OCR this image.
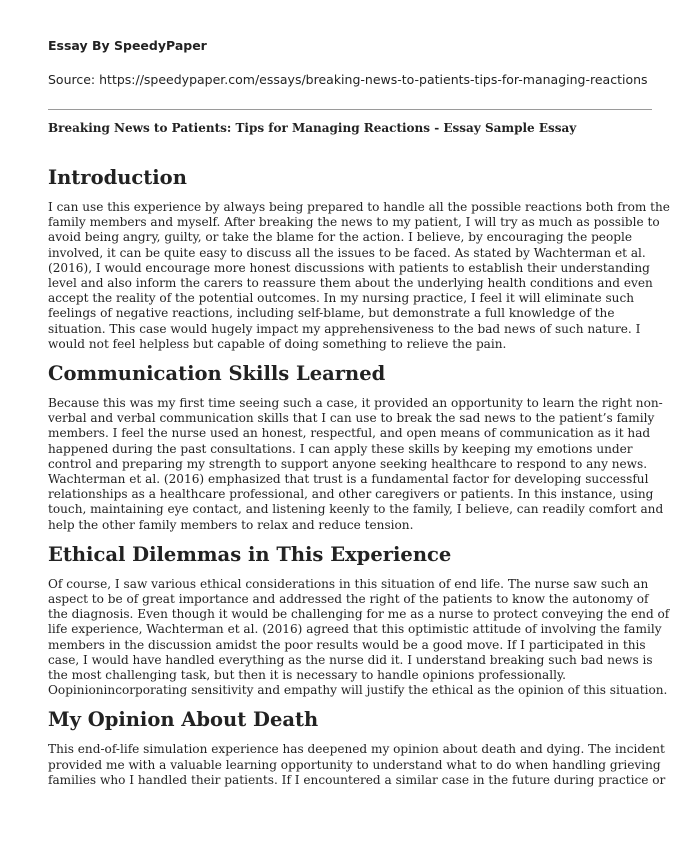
Essay By SpeedyPaper
Source: https://speedypaper.com/essays/breaking-news-to-patients-tips-for-managing-reactions
Breaking News to Patients: Tips for Managing Reactions - Essay Sample Essay
Introduction

I can use this experience by always being prepared to handle all the possible reactions both from the
family members and myself. After breaking the news to my patient, I will try as much as possible to
avoid being angry, guilty, or take the blame for the action. I believe, by encouraging the people
involved, it can be quite easy to discuss all the issues to be faced. As stated by Wachterman et al.
(2016), I would encourage more honest discussions with patients to establish their understanding
level and also inform the carers to reassure them about the underlying health conditions and even
accept the reality of the potential outcomes. In my nursing practice, I feel it will eliminate such
feelings of negative reactions, including self-blame, but demonstrate a full knowledge of the
situation. This case would hugely impact my apprehensiveness to the bad news of such nature. I
would not feel helpless but capable of doing something to relieve the pain.

Communication Skills Learned

Because this was my first time seeing such a case, it provided an opportunity to learn the right non-
verbal and verbal communication skills that I can use to break the sad news to the patient’s family
members. I feel the nurse used an honest, respectful, and open means of communication as it had
happened during the past consultations. I can apply these skills by keeping my emotions under
control and preparing my strength to support anyone seeking healthcare to respond to any news.
Wachterman et al. (2016) emphasized that trust is a fundamental factor for developing successful
relationships as a healthcare professional, and other caregivers or patients. In this instance, using
touch, maintaining eye contact, and listening keenly to the family, I believe, can readily comfort and
help the other family members to relax and reduce tension.

Ethical Dilemmas in This Experience

Of course, I saw various ethical considerations in this situation of end life. The nurse saw such an
aspect to be of great importance and addressed the right of the patients to know the autonomy of
the diagnosis. Even though it would be challenging for me as a nurse to protect conveying the end of
life experience, Wachterman et al. (2016) agreed that this optimistic attitude of involving the family
members in the discussion amidst the poor results would be a good move. If I participated in this
case, I would have handled everything as the nurse did it. I understand breaking such bad news is
the most challenging task, but then it is necessary to handle opinions professionally.
Oopinionincorporating sensitivity and empathy will justify the ethical as the opinion of this situation.

My Opinion About Death

This end-of-life simulation experience has deepened my opinion about death and dying. The incident
provided me with a valuable learning opportunity to understand what to do when handling grieving
families who I handled their patients. If I encountered a similar case in the future during practice or
